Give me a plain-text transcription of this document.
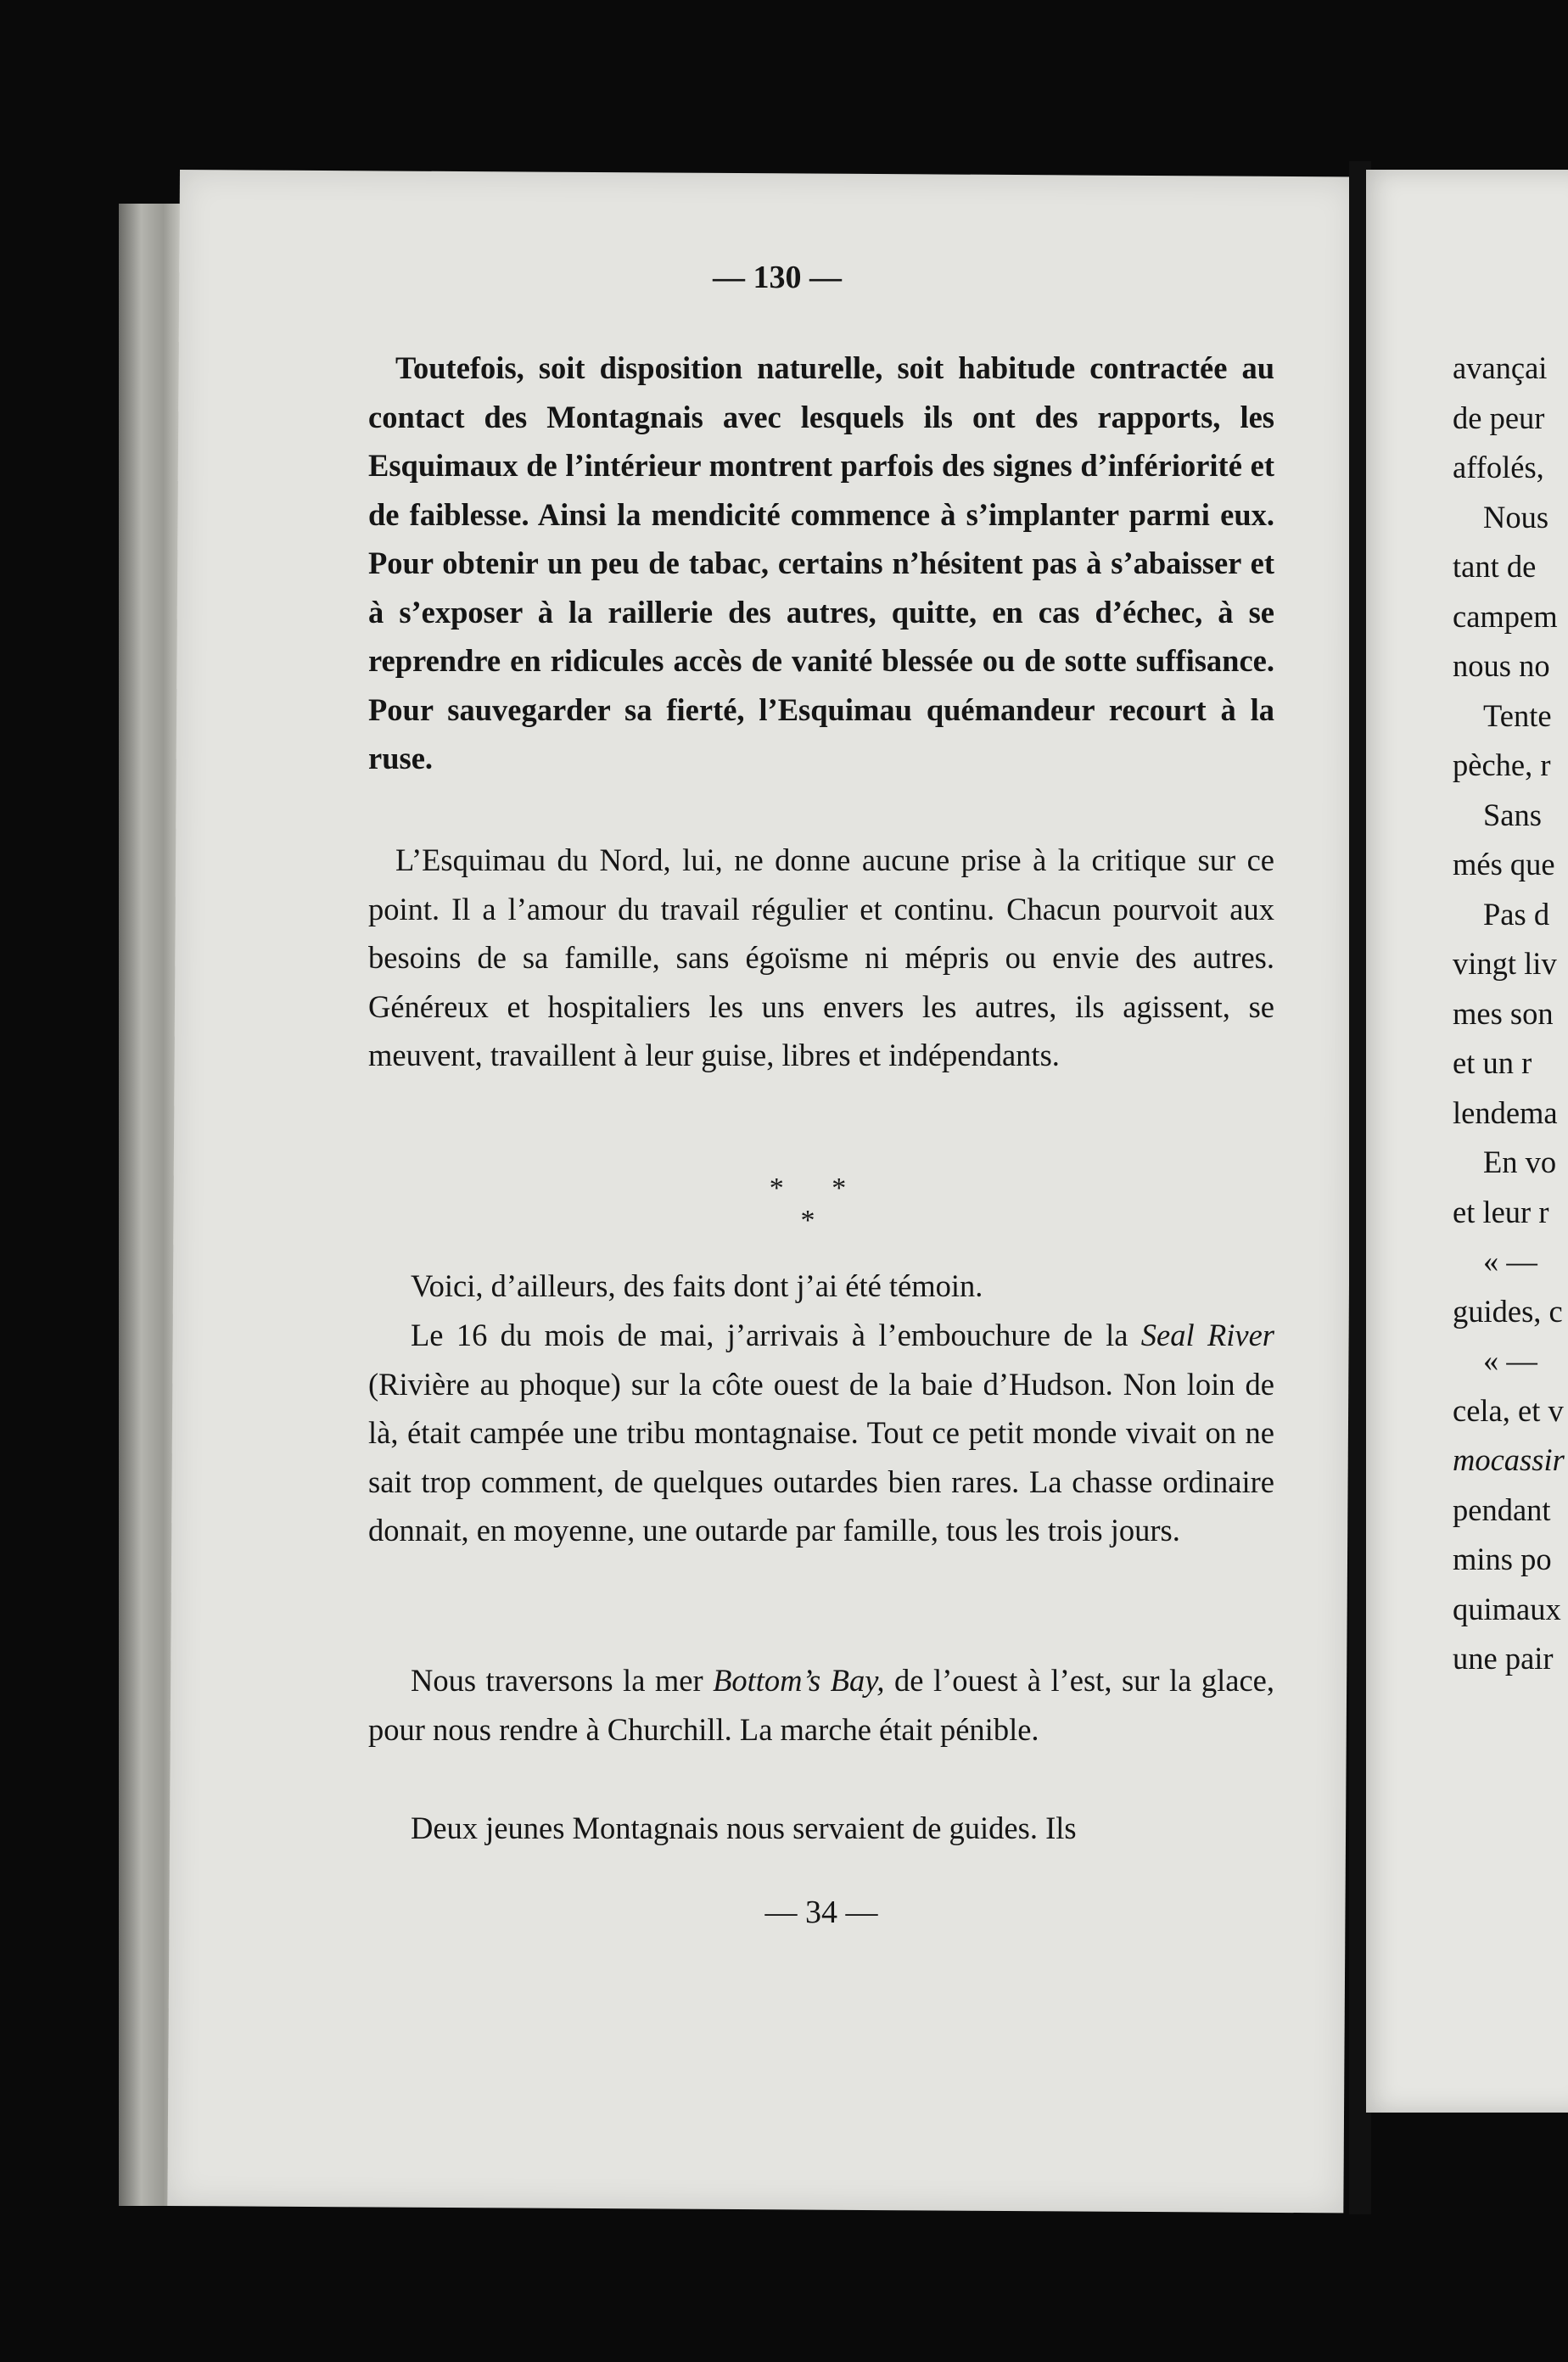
— 130 —

Toutefois, soit disposition naturelle, soit habitude contractée au contact des Montagnais avec lesquels ils ont des rapports, les Esquimaux de l’intérieur montrent parfois des signes d’infériorité et de faiblesse. Ainsi la mendicité commence à s’implanter parmi eux. Pour obtenir un peu de tabac, certains n’hésitent pas à s’abaisser et à s’exposer à la raillerie des autres, quitte, en cas d’échec, à se reprendre en ridicules accès de vanité blessée ou de sotte suffisance. Pour sauvegarder sa fierté, l’Esquimau quémandeur recourt à la ruse.

L’Esquimau du Nord, lui, ne donne aucune prise à la critique sur ce point. Il a l’amour du travail régulier et continu. Chacun pourvoit aux besoins de sa famille, sans égoïsme ni mépris ou envie des autres. Généreux et hospitaliers les uns envers les autres, ils agissent, se meuvent, travaillent à leur guise, libres et indépendants.

* * *

Voici, d’ailleurs, des faits dont j’ai été témoin.

Le 16 du mois de mai, j’arrivais à l’embouchure de la Seal River (Rivière au phoque) sur la côte ouest de la baie d’Hudson. Non loin de là, était campée une tribu montagnaise. Tout ce petit monde vivait on ne sait trop comment, de quelques outardes bien rares. La chasse ordinaire donnait, en moyenne, une outarde par famille, tous les trois jours.

Nous traversons la mer Bottom’s Bay, de l’ouest à l’est, sur la glace, pour nous rendre à Churchill. La marche était pénible.

Deux jeunes Montagnais nous servaient de guides. Ils

— 34 —
avançai
de peur
affolés,
Nous
tant de
campem
nous no
Tente
pèche, r
Sans
més que
Pas d
vingt liv
mes son
et un r
lendema
En vo
et leur r
« —
guides, c
« —
cela, et v
mocassir
pendant
mins po
quimaux
une pair
